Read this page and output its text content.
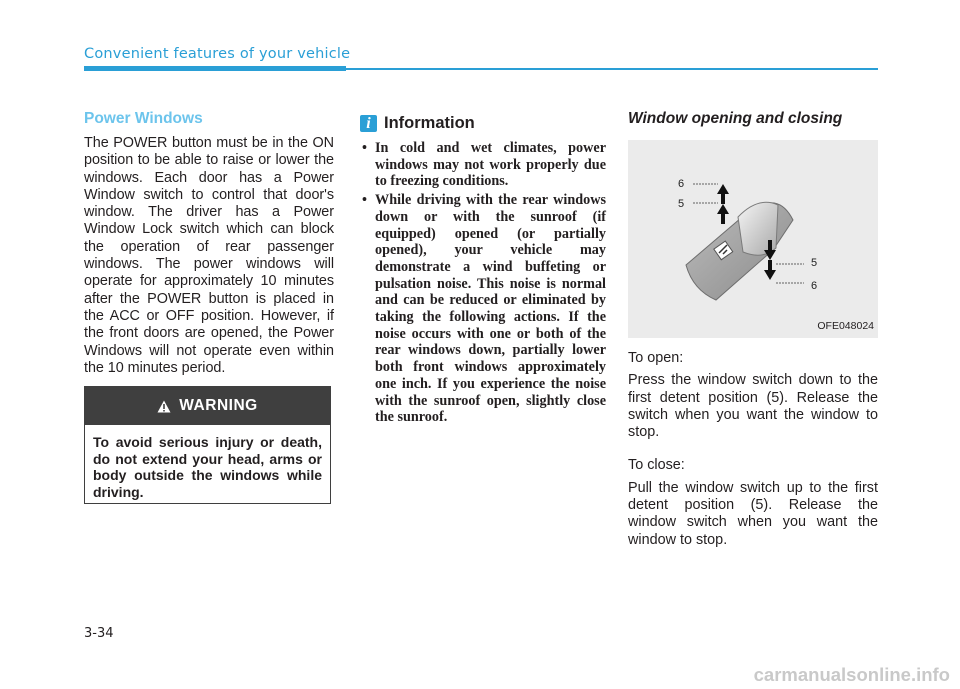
Convenient features of your vehicle
Power Windows
The POWER button must be in the ON position to be able to raise or lower the windows. Each door has a Power Window switch to control that door's window. The driver has a Power Window Lock switch which can block the operation of rear passenger windows. The power windows will operate for approximately 10 minutes after the POWER button is placed in the ACC or OFF position. However, if the front doors are opened, the Power Windows will not operate even within the 10 minutes period.
WARNING
To avoid serious injury or death, do not extend your head, arms or body outside the windows while driving.
i Information
• In cold and wet climates, power windows may not work properly due to freezing conditions.
• While driving with the rear windows down or with the sunroof (if equipped) opened (or partially opened), your vehicle may demonstrate a wind buffeting or pulsation noise. This noise is normal and can be reduced or eliminated by taking the following actions. If the noise occurs with one or both of the rear windows down, partially lower both front windows approximately one inch. If you experience the noise with the sunroof open, slightly close the sunroof.
Window opening and closing
6
5
5
6
OFE048024

To open:

Press the window switch down to the first detent position (5). Release the switch when you want the window to stop.

To close:

Pull the window switch up to the first detent position (5). Release the window switch when you want the window to stop.

3-34
carmanualsonline.info
